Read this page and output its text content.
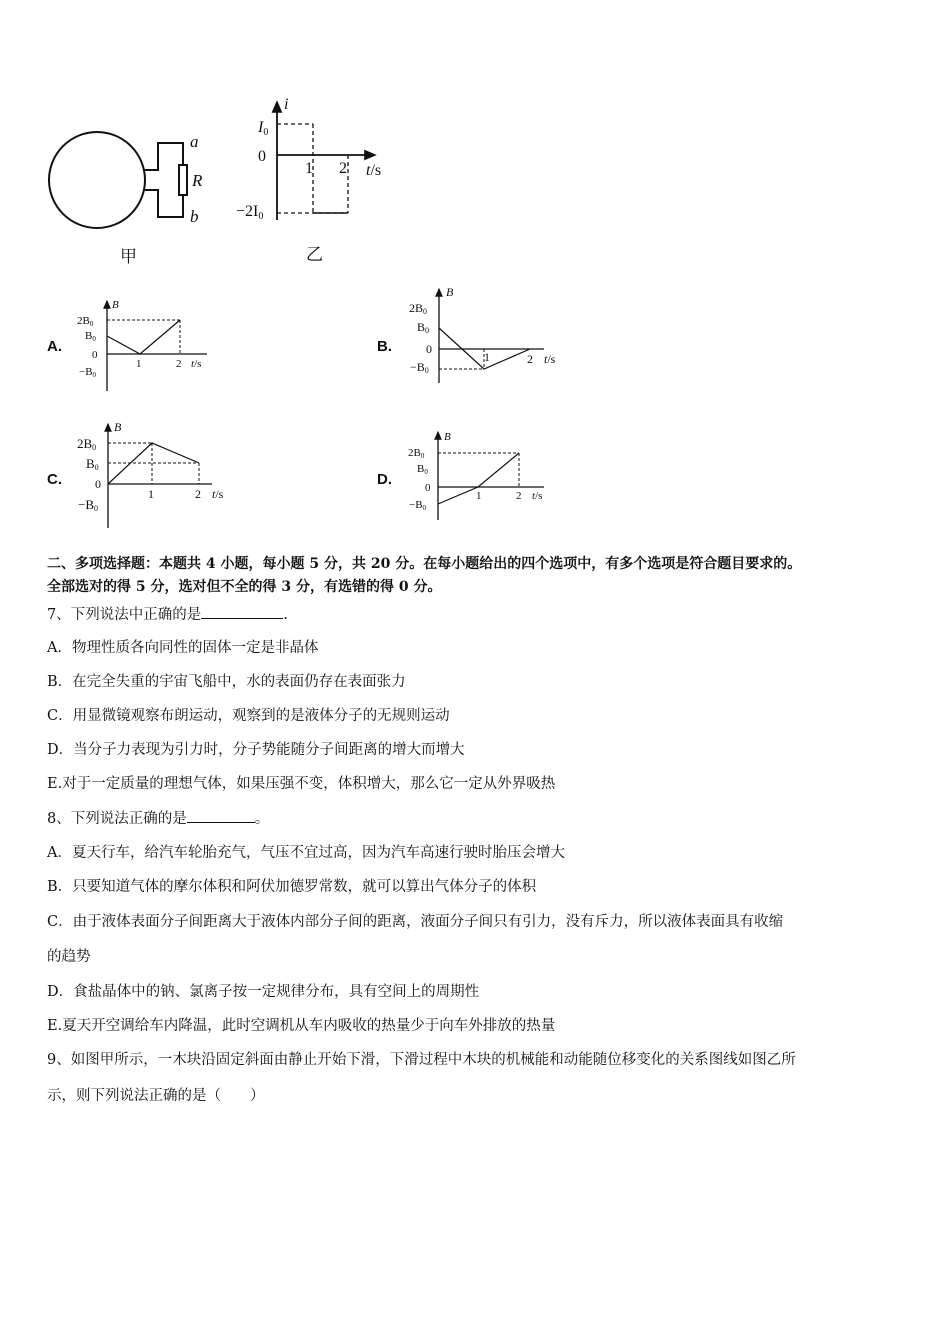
a
R
b
甲
i
I0
0
−2I0
1 2 t/s
乙
A.
B
2B0
B0
0
−B0
1	2 t/s
B.
B
2B0
B0
0
−B0
1	2 t/s
C.
B
2B0
B0
0
−B0
1	2 t/s
D.
B
2B0
B0
0
−B0
1	2 t/s
二、多项选择题：本题共 4 小题，每小题 5 分，共 20 分。在每小题给出的四个选项中，有多个选项是符合题目要求的。
全部选对的得 5 分，选对但不全的得 3 分，有选错的得 0 分。
7、下列说法中正确的是	.
A．物理性质各向同性的固体一定是非晶体
B．在完全失重的宇宙飞船中，水的表面仍存在表面张力
C．用显微镜观察布朗运动，观察到的是液体分子的无规则运动
D．当分子力表现为引力时，分子势能随分子间距离的增大而增大
E.对于一定质量的理想气体，如果压强不变，体积增大，那么它一定从外界吸热
8、下列说法正确的是	。
A．夏天行车，给汽车轮胎充气，气压不宜过高，因为汽车高速行驶时胎压会增大
B．只要知道气体的摩尔体积和阿伏加德罗常数，就可以算出气体分子的体积
C．由于液体表面分子间距离大于液体内部分子间的距离，液面分子间只有引力，没有斥力，所以液体表面具有收缩
的趋势
D．食盐晶体中的钠、氯离子按一定规律分布，具有空间上的周期性
E.夏天开空调给车内降温，此时空调机从车内吸收的热量少于向车外排放的热量
9、如图甲所示，一木块沿固定斜面由静止开始下滑，下滑过程中木块的机械能和动能随位移变化的关系图线如图乙所
示，则下列说法正确的是（　　）
